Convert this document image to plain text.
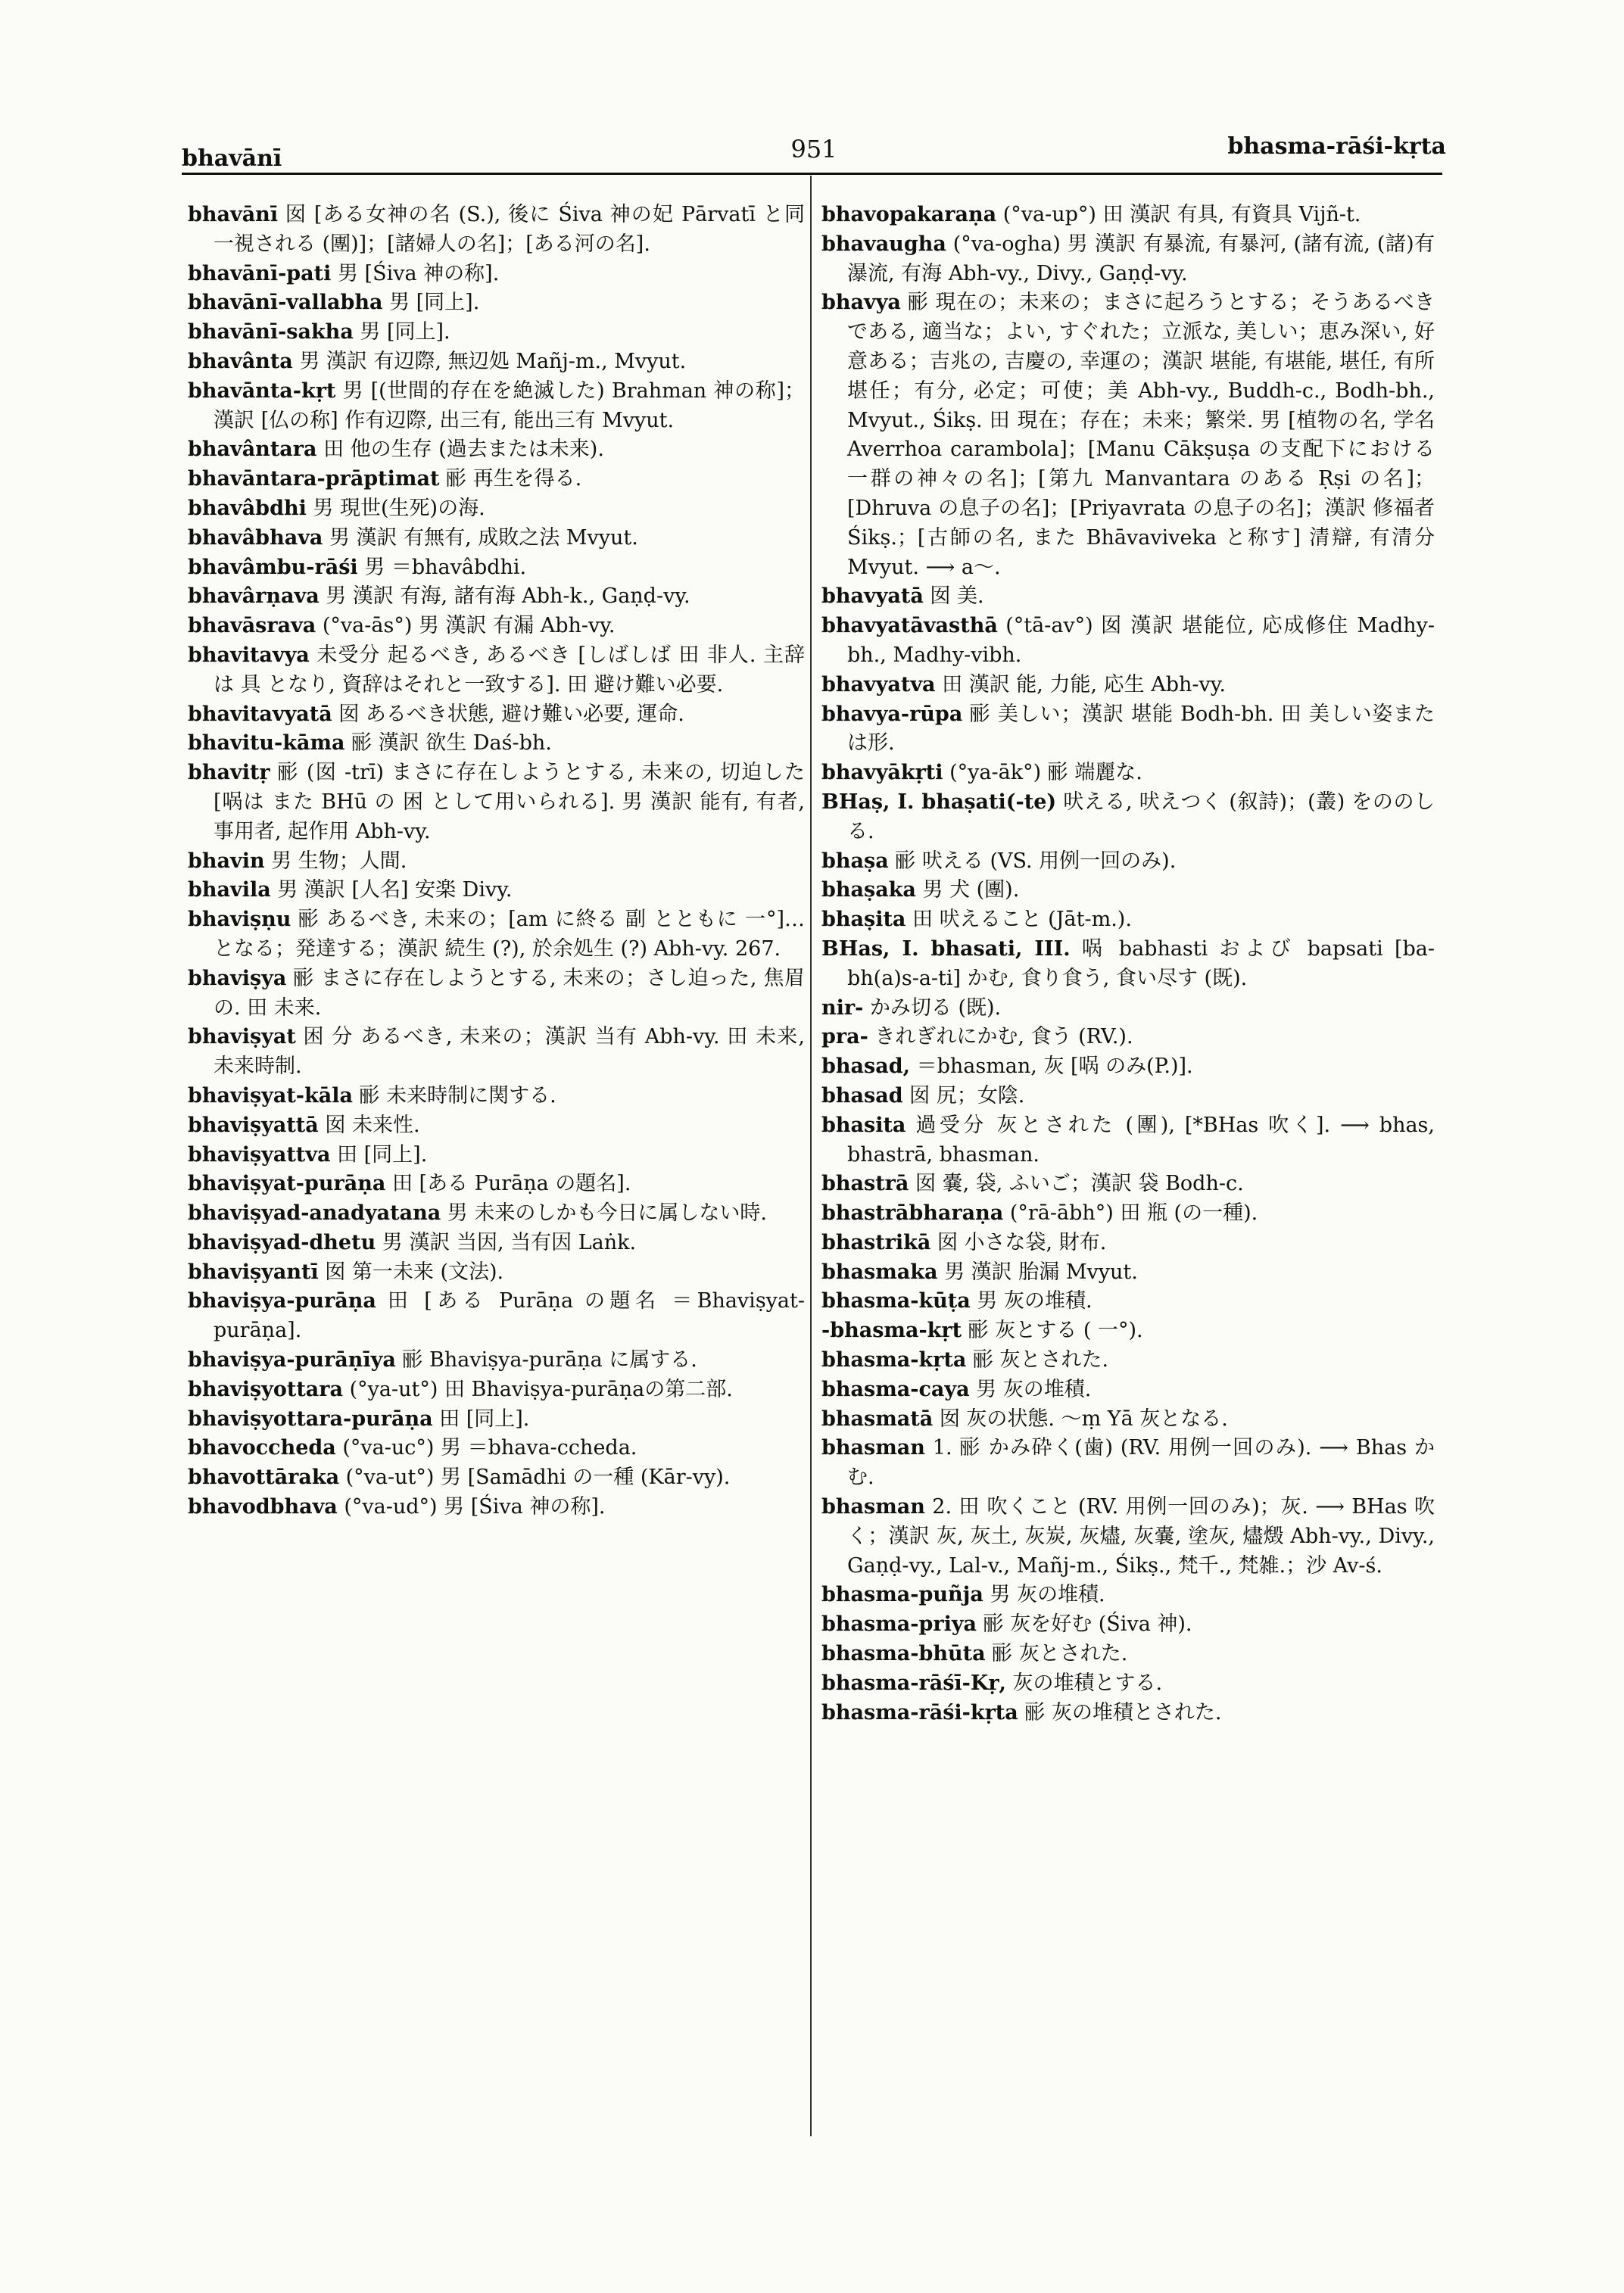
bhavānī	951	bhasma-rāśi-kṛta

bhavānī 囡 [ある女神の名 (S.), 後に Śiva 神の妃 Pārvatī と同一視される (團)]；[諸婦人の名]；[ある河の名].

bhavānī-pati 男 [Śiva 神の称].

bhavānī-vallabha 男 [同上].

bhavānī-sakha 男 [同上].

bhavânta 男 漢訳 有辺際, 無辺処 Mañj-m., Mvyut.

bhavānta-kṛt 男 [(世間的存在を絶滅した) Brahman 神の称]；漢訳 [仏の称] 作有辺際, 出三有, 能出三有 Mvyut.

bhavântara 田 他の生存 (過去または未来).

bhavāntara-prāptimat 彨 再生を得る.

bhavâbdhi 男 現世(生死)の海.

bhavâbhava 男 漢訳 有無有, 成敗之法 Mvyut.

bhavâmbu-rāśi 男 ＝bhavâbdhi.

bhavârṇava 男 漢訳 有海, 諸有海 Abh-k., Gaṇḍ-vy.

bhavāsrava (°va-ās°) 男 漢訳 有漏 Abh-vy.

bhavitavya 未受分 起るべき, あるべき [しばしば 田 非人. 主辞は 具 となり, 資辞はそれと一致する]. 田 避け難い必要.

bhavitavyatā 囡 あるべき状態, 避け難い必要, 運命.

bhavitu-kāma 彨 漢訳 欲生 Daś-bh.

bhavitṛ 彨 (囡 -trī) まさに存在しようとする, 未来の, 切迫した [㖞は また BHū の 困 として用いられる]. 男 漢訳 能有, 有者, 事用者, 起作用 Abh-vy.

bhavin 男 生物；人間.

bhavila 男 漢訳 [人名] 安楽 Divy.

bhaviṣṇu 彨 あるべき, 未来の；[am に終る 副 とともに 一°]…となる；発達する；漢訳 続生 (?), 於余処生 (?) Abh-vy. 267.

bhaviṣya 彨 まさに存在しようとする, 未来の；さし迫った, 焦眉の. 田 未来.

bhaviṣyat 困 分 あるべき, 未来の；漢訳 当有 Abh-vy. 田 未来, 未来時制.

bhaviṣyat-kāla 彨 未来時制に関する.

bhaviṣyattā 囡 未来性.

bhaviṣyattva 田 [同上].

bhaviṣyat-purāṇa 田 [ある Purāṇa の題名].

bhaviṣyad-anadyatana 男 未来のしかも今日に属しない時.

bhaviṣyad-dhetu 男 漢訳 当因, 当有因 Laṅk.

bhaviṣyantī 囡 第一未来 (文法).

bhaviṣya-purāṇa 田 [ある Purāṇa の題名 ＝Bhaviṣyat-purāṇa].

bhaviṣya-purāṇīya 彨 Bhaviṣya-purāṇa に属する.

bhaviṣyottara (°ya-ut°) 田 Bhaviṣya-purāṇaの第二部.

bhaviṣyottara-purāṇa 田 [同上].

bhavoccheda (°va-uc°) 男 ＝bhava-ccheda.

bhavottāraka (°va-ut°) 男 [Samādhi の一種 (Kār-vy).

bhavodbhava (°va-ud°) 男 [Śiva 神の称].

bhavopakaraṇa (°va-up°) 田 漢訳 有具, 有資具 Vijñ-t.

bhavaugha (°va-ogha) 男 漢訳 有暴流, 有暴河, (諸有流, (諸)有瀑流, 有海 Abh-vy., Divy., Gaṇḍ-vy.

bhavya 彨 現在の；未来の；まさに起ろうとする；そうあるべきである, 適当な；よい, すぐれた；立派な, 美しい；恵み深い, 好意ある；吉兆の, 吉慶の, 幸運の；漢訳 堪能, 有堪能, 堪任, 有所堪任；有分, 必定；可使；美 Abh-vy., Buddh-c., Bodh-bh., Mvyut., Śikṣ. 田 現在；存在；未来；繁栄. 男 [植物の名, 学名 Averrhoa carambola]；[Manu Cākṣuṣa の支配下における一群の神々の名]；[第九 Manvantara のある Ṛṣi の名]；[Dhruva の息子の名]；[Priyavrata の息子の名]；漢訳 修福者 Śikṣ.；[古師の名, また Bhāvaviveka と称す] 清辯, 有清分 Mvyut. ⟶ a～.

bhavyatā 囡 美.

bhavyatāvasthā (°tā-av°) 囡 漢訳 堪能位, 応成修住 Madhy-bh., Madhy-vibh.

bhavyatva 田 漢訳 能, 力能, 応生 Abh-vy.

bhavya-rūpa 彨 美しい；漢訳 堪能 Bodh-bh. 田 美しい姿または形.

bhavyākṛti (°ya-āk°) 彨 端麗な.

BHaṣ, I. bhaṣati(-te) 吠える, 吠えつく (叙詩)；(叢) をののしる.

bhaṣa 彨 吠える (VS. 用例一回のみ).

bhaṣaka 男 犬 (團).

bhaṣita 田 吠えること (Jāt-m.).

BHas, I. bhasati, III. 㖞 babhasti および bapsati [ba-bh(a)s-a-ti] かむ, 食り食う, 食い尽す (既).

nir- かみ切る (既).

pra- きれぎれにかむ, 食う (RV.).

bhasad, ＝bhasman, 灰 [㖞 のみ(P.)].

bhasad 囡 尻；女陰.

bhasita 過受分 灰とされた (團), [*BHas 吹く]. ⟶ bhas, bhastrā, bhasman.

bhastrā 囡 嚢, 袋, ふいご；漢訳 袋 Bodh-c.

bhastrābharaṇa (°rā-ābh°) 田 瓶 (の一種).

bhastrikā 囡 小さな袋, 財布.

bhasmaka 男 漢訳 胎漏 Mvyut.

bhasma-kūṭa 男 灰の堆積.

-bhasma-kṛt 彨 灰とする ( 一°).

bhasma-kṛta 彨 灰とされた.

bhasma-caya 男 灰の堆積.

bhasmatā 囡 灰の状態. ～ṃ Yā 灰となる.

bhasman 1. 彨 かみ砕く(歯) (RV. 用例一回のみ). ⟶ Bhas かむ.

bhasman 2. 田 吹くこと (RV. 用例一回のみ)；灰. ⟶ BHas 吹く；漢訳 灰, 灰土, 灰炭, 灰燼, 灰嚢, 塗灰, 燼燬 Abh-vy., Divy., Gaṇḍ-vy., Lal-v., Mañj-m., Śikṣ., 梵千., 梵雑.；沙 Av-ś.

bhasma-puñja 男 灰の堆積.

bhasma-priya 彨 灰を好む (Śiva 神).

bhasma-bhūta 彨 灰とされた.

bhasma-rāśī-Kṛ, 灰の堆積とする.

bhasma-rāśi-kṛta 彨 灰の堆積とされた.
